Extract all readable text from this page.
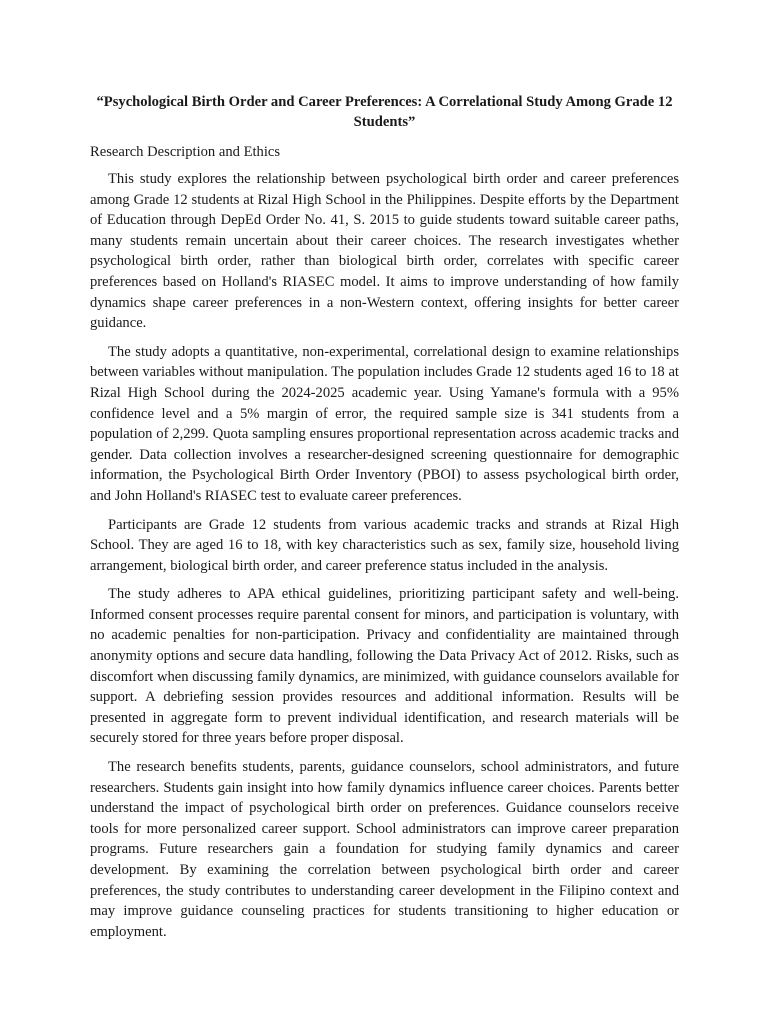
“Psychological Birth Order and Career Preferences: A Correlational Study Among Grade 12 Students”
Research Description and Ethics

This study explores the relationship between psychological birth order and career preferences among Grade 12 students at Rizal High School in the Philippines. Despite efforts by the Department of Education through DepEd Order No. 41, S. 2015 to guide students toward suitable career paths, many students remain uncertain about their career choices. The research investigates whether psychological birth order, rather than biological birth order, correlates with specific career preferences based on Holland's RIASEC model. It aims to improve understanding of how family dynamics shape career preferences in a non-Western context, offering insights for better career guidance.

The study adopts a quantitative, non-experimental, correlational design to examine relationships between variables without manipulation. The population includes Grade 12 students aged 16 to 18 at Rizal High School during the 2024-2025 academic year. Using Yamane's formula with a 95% confidence level and a 5% margin of error, the required sample size is 341 students from a population of 2,299. Quota sampling ensures proportional representation across academic tracks and gender. Data collection involves a researcher-designed screening questionnaire for demographic information, the Psychological Birth Order Inventory (PBOI) to assess psychological birth order, and John Holland's RIASEC test to evaluate career preferences.

Participants are Grade 12 students from various academic tracks and strands at Rizal High School. They are aged 16 to 18, with key characteristics such as sex, family size, household living arrangement, biological birth order, and career preference status included in the analysis.

The study adheres to APA ethical guidelines, prioritizing participant safety and well-being. Informed consent processes require parental consent for minors, and participation is voluntary, with no academic penalties for non-participation. Privacy and confidentiality are maintained through anonymity options and secure data handling, following the Data Privacy Act of 2012. Risks, such as discomfort when discussing family dynamics, are minimized, with guidance counselors available for support. A debriefing session provides resources and additional information. Results will be presented in aggregate form to prevent individual identification, and research materials will be securely stored for three years before proper disposal.

The research benefits students, parents, guidance counselors, school administrators, and future researchers. Students gain insight into how family dynamics influence career choices. Parents better understand the impact of psychological birth order on preferences. Guidance counselors receive tools for more personalized career support. School administrators can improve career preparation programs. Future researchers gain a foundation for studying family dynamics and career development. By examining the correlation between psychological birth order and career preferences, the study contributes to understanding career development in the Filipino context and may improve guidance counseling practices for students transitioning to higher education or employment.
